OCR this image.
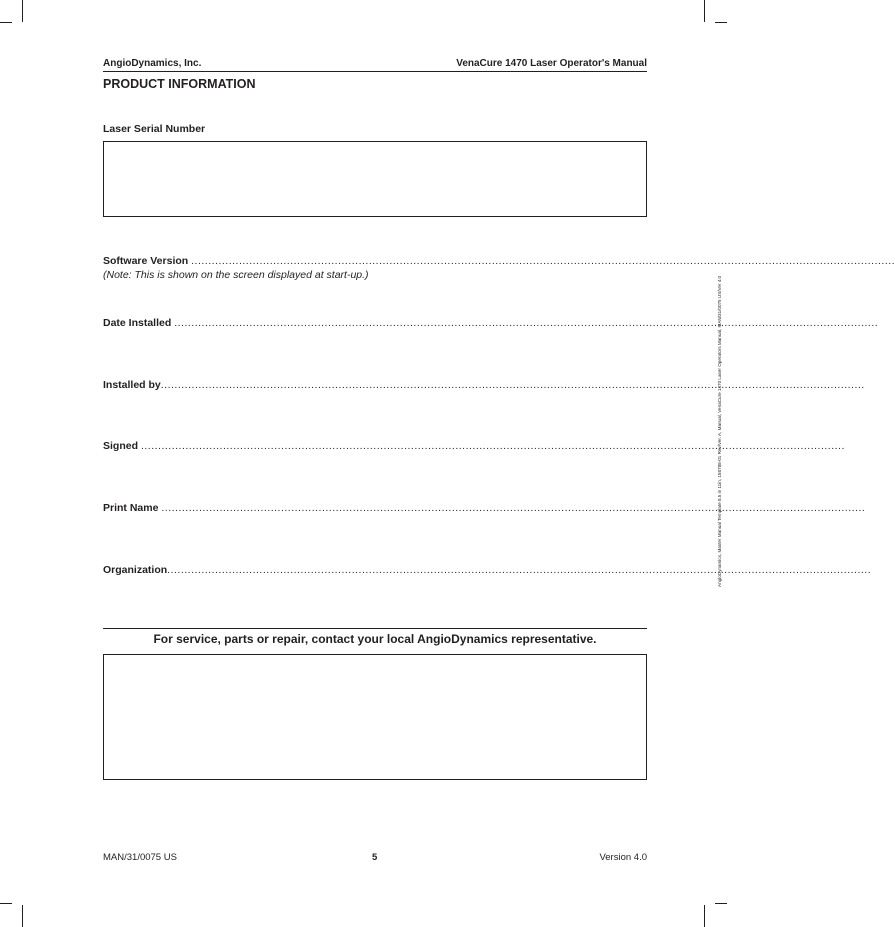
AngioDynamics, Inc.	VenaCure 1470 Laser Operator's Manual
PRODUCT INFORMATION
Laser Serial Number
Software Version
..............................................................................................................................................................................................................
(Note: This is shown on the screen displayed at start-up.)
Date Installed
..............................................................................................................................................................................................................
Installed by ..............................................................................................................................................................................................................
Signed
..............................................................................................................................................................................................................
Print Name
..............................................................................................................................................................................................................
Organization ..............................................................................................................................................................................................................
For service, parts or repair, contact your local AngioDynamics representative.
MAN/31/0075 US	5	Version 4.0
AngioDynamics, Master Manual Template 8.5 in 11in, 158788-01 Rev/Ver. A, Manual, VenaCure 1470 Laser Operators Manual, MAN/31/0075 US/Ver 4.0
